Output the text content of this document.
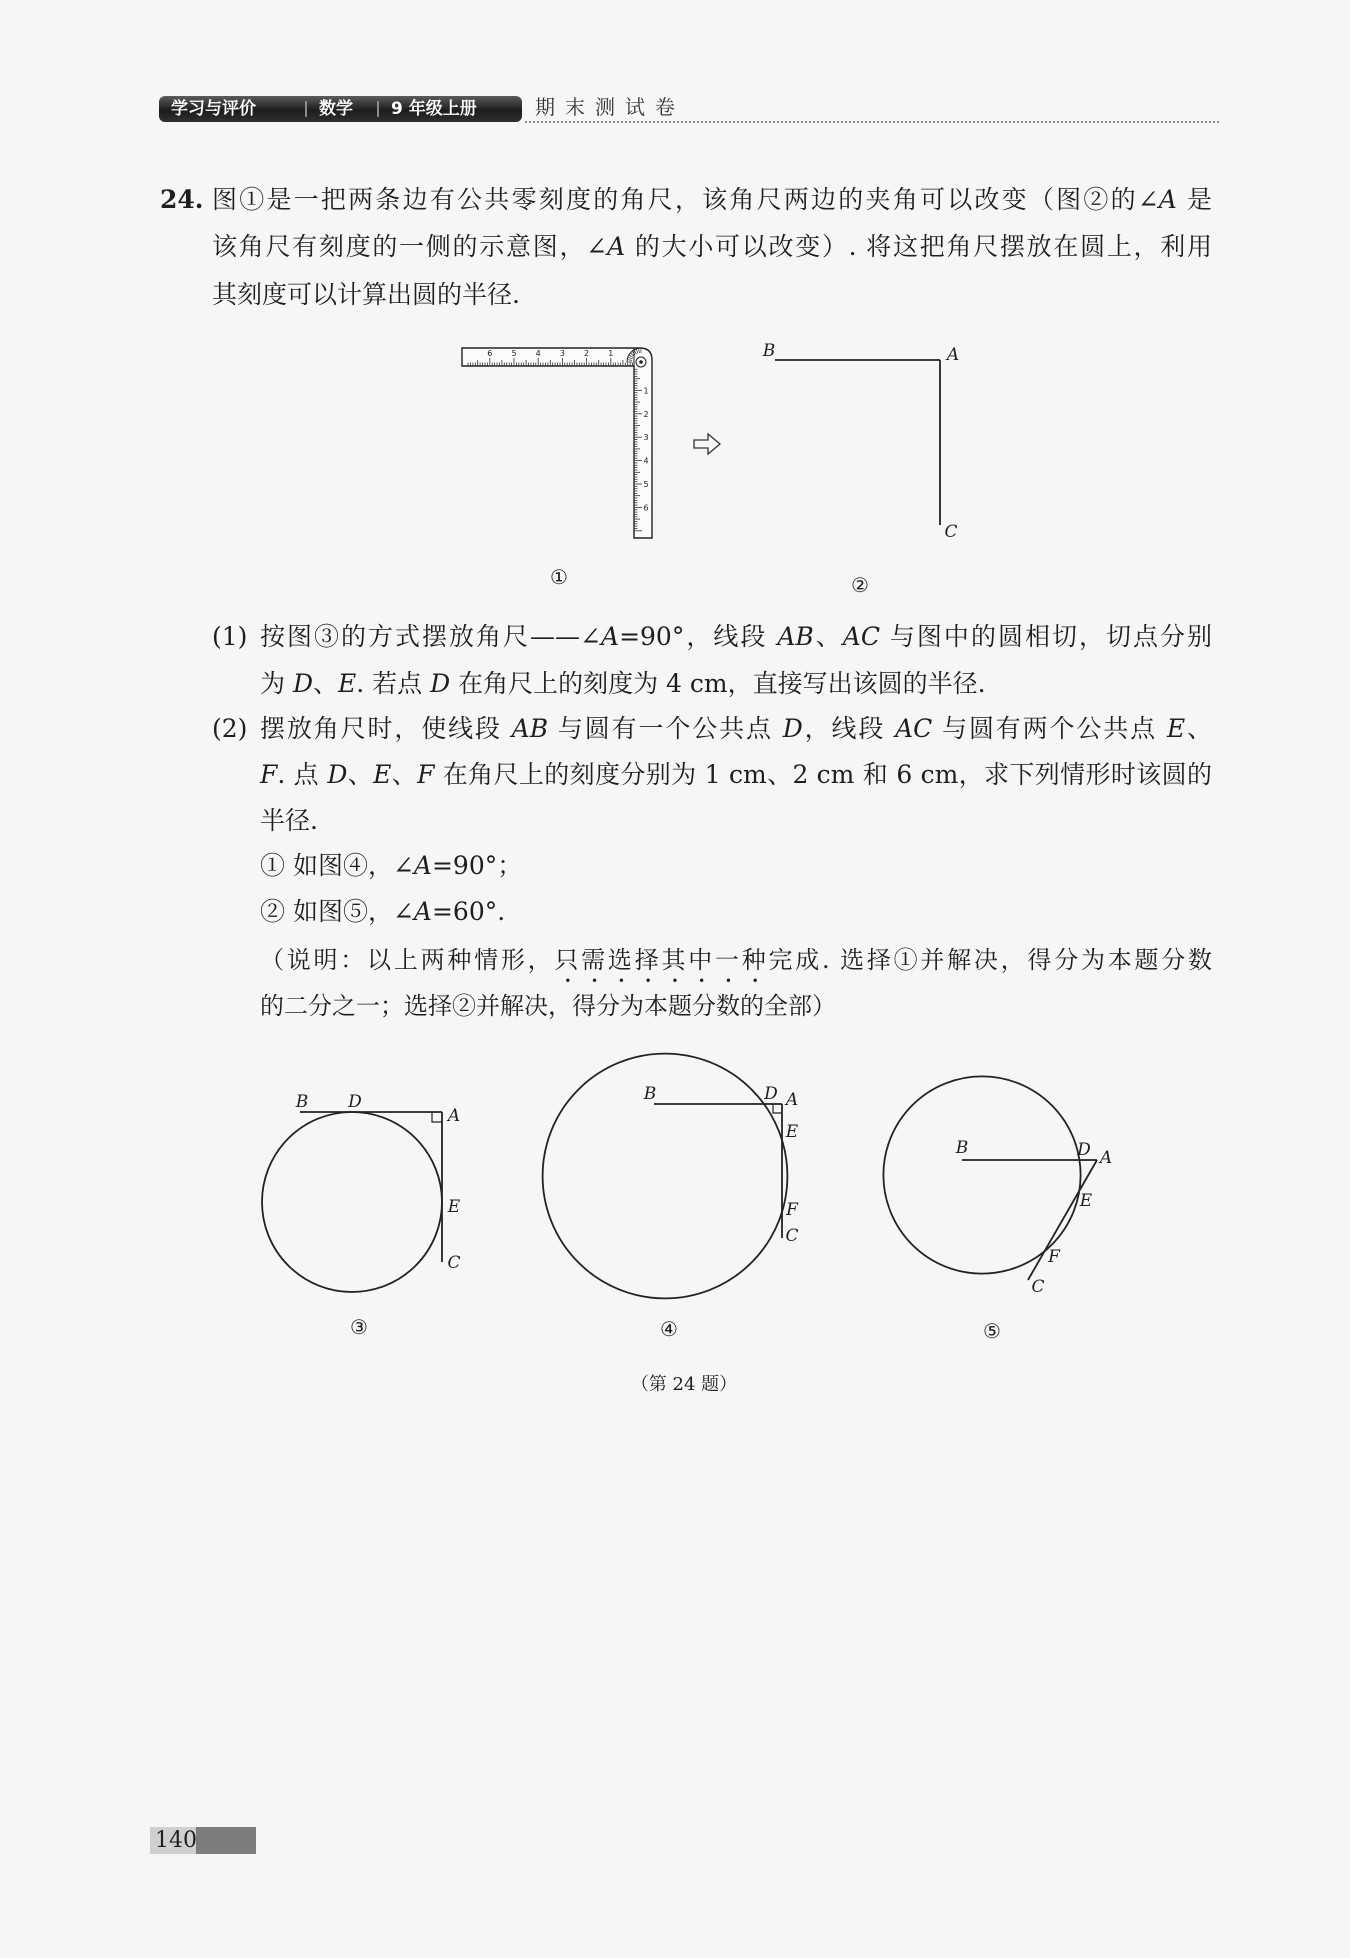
学习与评价	数学 9 年级上册	期末测试卷
24. 图①是一把两条边有公共零刻度的角尺，该角尺两边的夹角可以改变（图②的∠A 是
该角尺有刻度的一侧的示意图，∠A 的大小可以改变）. 将这把角尺摆放在圆上，利用
其刻度可以计算出圆的半径.
(1) 按图③的方式摆放角尺——∠A=90°，线段 AB、AC 与图中的圆相切，切点分别
为 D、E. 若点 D 在角尺上的刻度为 4 cm，直接写出该圆的半径.
(2) 摆放角尺时，使线段 AB 与圆有一个公共点 D，线段 AC 与圆有两个公共点 E、
F. 点 D、E、F 在角尺上的刻度分别为 1 cm、2 cm 和 6 cm，求下列情形时该圆的
半径.
① 如图④，∠A=90°；
② 如图⑤，∠A=60°.
（说明：以上两种情形，只需选择其中一种完成. 选择①并解决，得分为本题分数
的二分之一；选择②并解决，得分为本题分数的全部）
6 5 4 3 2 1
1
2
3
4
5
6
①
B	A
C
②
B D
A
E
C
③
B	D A
E
F
C
④
B	D A
E
F
C
⑤
（第 24 题）
140
